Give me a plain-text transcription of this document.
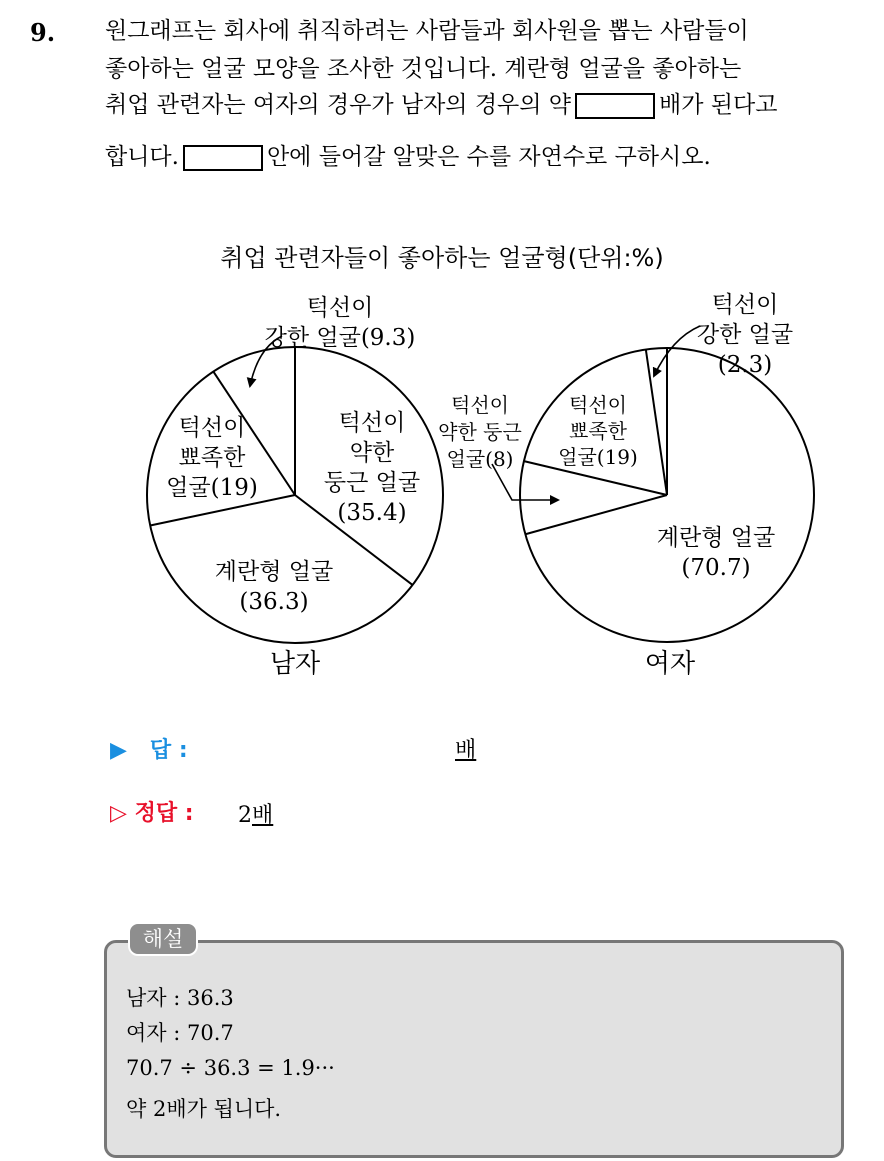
9. 원그래프는 회사에 취직하려는 사람들과 회사원을 뽑는 사람들이
좋아하는 얼굴 모양을 조사한 것입니다. 계란형 얼굴을 좋아하는
취업 관련자는 여자의 경우가 남자의 경우의 약	배가 된다고
합니다.	안에 들어갈 알맞은 수를 자연수로 구하시오.
취업 관련자들이 좋아하는 얼굴형(단위:%)
턱선이 약한 둥근 얼굴 (35.4)
계란형 얼굴 (36.3)
턱선이 뾰족한 얼굴(19)
턱선이 강한 얼굴(9.3)
계란형 얼굴 (70.7)
턱선이 약한 둥근 얼굴(8)
턱선이 뾰족한 얼굴(19)
턱선이 강한 얼굴 (2.3)
남자	여자
▶ 답 :	배
▷ 정답 : 2배
해설
남자 : 36.3
여자 : 70.7
70.7 ÷ 36.3 = 1.9···
약 2배가 됩니다.
